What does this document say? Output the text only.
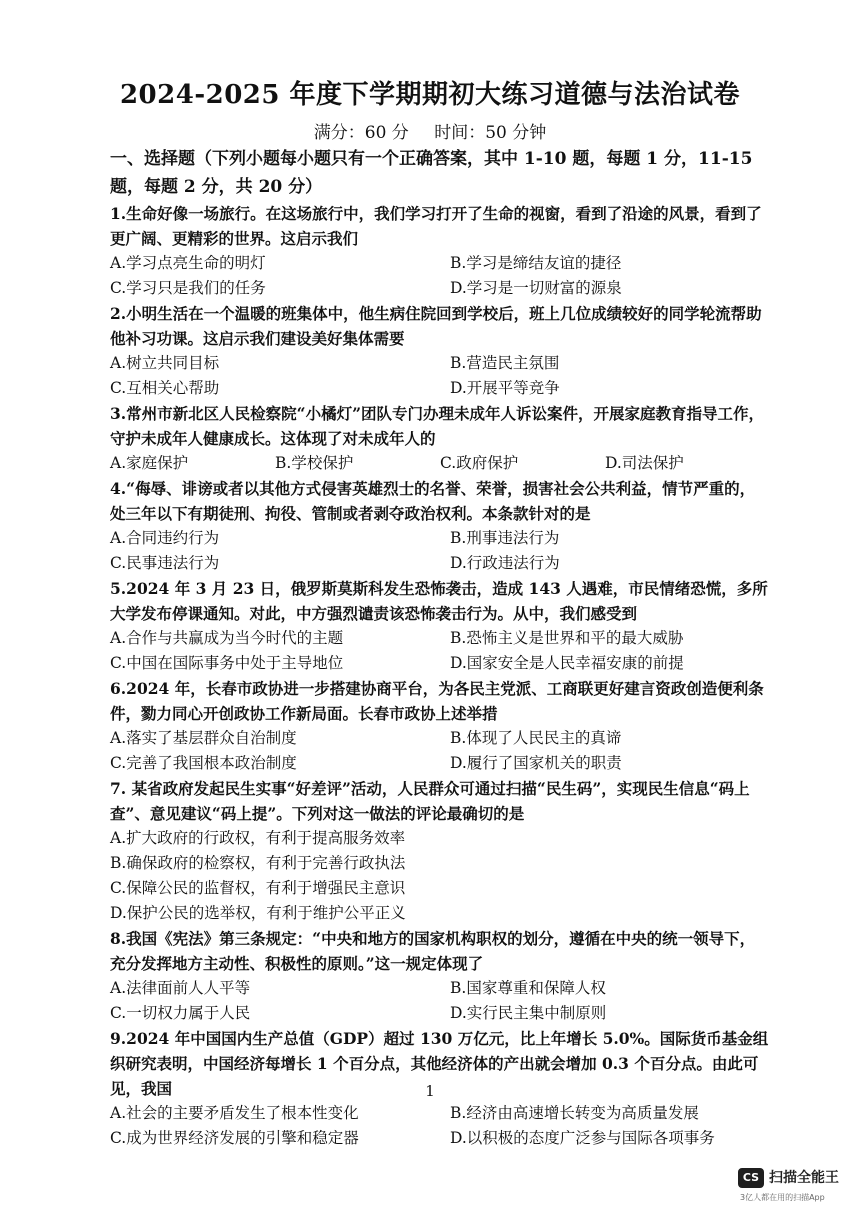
2024-2025 年度下学期期初大练习道德与法治试卷
满分：60 分 时间：50 分钟
一、选择题（下列小题每小题只有一个正确答案，其中 1-10 题，每题 1 分，11-15 题，每题 2 分，共 20 分）
1
CS 扫描全能王
3亿人都在用的扫描App
1.生命好像一场旅行。在这场旅行中，我们学习打开了生命的视窗，看到了沿途的风景，看到了更广阔、更精彩的世界。这启示我们
A.学习点亮生命的明灯	B.学习是缔结友谊的捷径
C.学习只是我们的任务	D.学习是一切财富的源泉
2.小明生活在一个温暖的班集体中，他生病住院回到学校后，班上几位成绩较好的同学轮流帮助他补习功课。这启示我们建设美好集体需要
A.树立共同目标	B.营造民主氛围
C.互相关心帮助	D.开展平等竞争
3.常州市新北区人民检察院“小橘灯”团队专门办理未成年人诉讼案件，开展家庭教育指导工作，守护未成年人健康成长。这体现了对未成年人的
A.家庭保护	B.学校保护	C.政府保护	D.司法保护
4.“侮辱、诽谤或者以其他方式侵害英雄烈士的名誉、荣誉，损害社会公共利益，情节严重的，处三年以下有期徒刑、拘役、管制或者剥夺政治权利。本条款针对的是
A.合同违约行为	B.刑事违法行为
C.民事违法行为	D.行政违法行为
5.2024 年 3 月 23 日，俄罗斯莫斯科发生恐怖袭击，造成 143 人遇难，市民情绪恐慌，多所大学发布停课通知。对此，中方强烈谴责该恐怖袭击行为。从中，我们感受到
A.合作与共赢成为当今时代的主题	B.恐怖主义是世界和平的最大威胁
C.中国在国际事务中处于主导地位	D.国家安全是人民幸福安康的前提
6.2024 年，长春市政协进一步搭建协商平台，为各民主党派、工商联更好建言资政创造便利条件，勠力同心开创政协工作新局面。长春市政协上述举措
A.落实了基层群众自治制度	B.体现了人民民主的真谛
C.完善了我国根本政治制度	D.履行了国家机关的职责
7. 某省政府发起民生实事“好差评”活动，人民群众可通过扫描“民生码”，实现民生信息“码上查”、意见建议“码上提”。下列对这一做法的评论最确切的是
A.扩大政府的行政权，有利于提高服务效率
B.确保政府的检察权，有利于完善行政执法
C.保障公民的监督权，有利于增强民主意识
D.保护公民的选举权，有利于维护公平正义
8.我国《宪法》第三条规定：“中央和地方的国家机构职权的划分，遵循在中央的统一领导下，充分发挥地方主动性、积极性的原则。”这一规定体现了
A.法律面前人人平等	B.国家尊重和保障人权
C.一切权力属于人民	D.实行民主集中制原则
9.2024 年中国国内生产总值（GDP）超过 130 万亿元，比上年增长 5.0%。国际货币基金组织研究表明，中国经济每增长 1 个百分点，其他经济体的产出就会增加 0.3 个百分点。由此可见，我国
A.社会的主要矛盾发生了根本性变化	B.经济由高速增长转变为高质量发展
C.成为世界经济发展的引擎和稳定器	D.以积极的态度广泛参与国际各项事务
